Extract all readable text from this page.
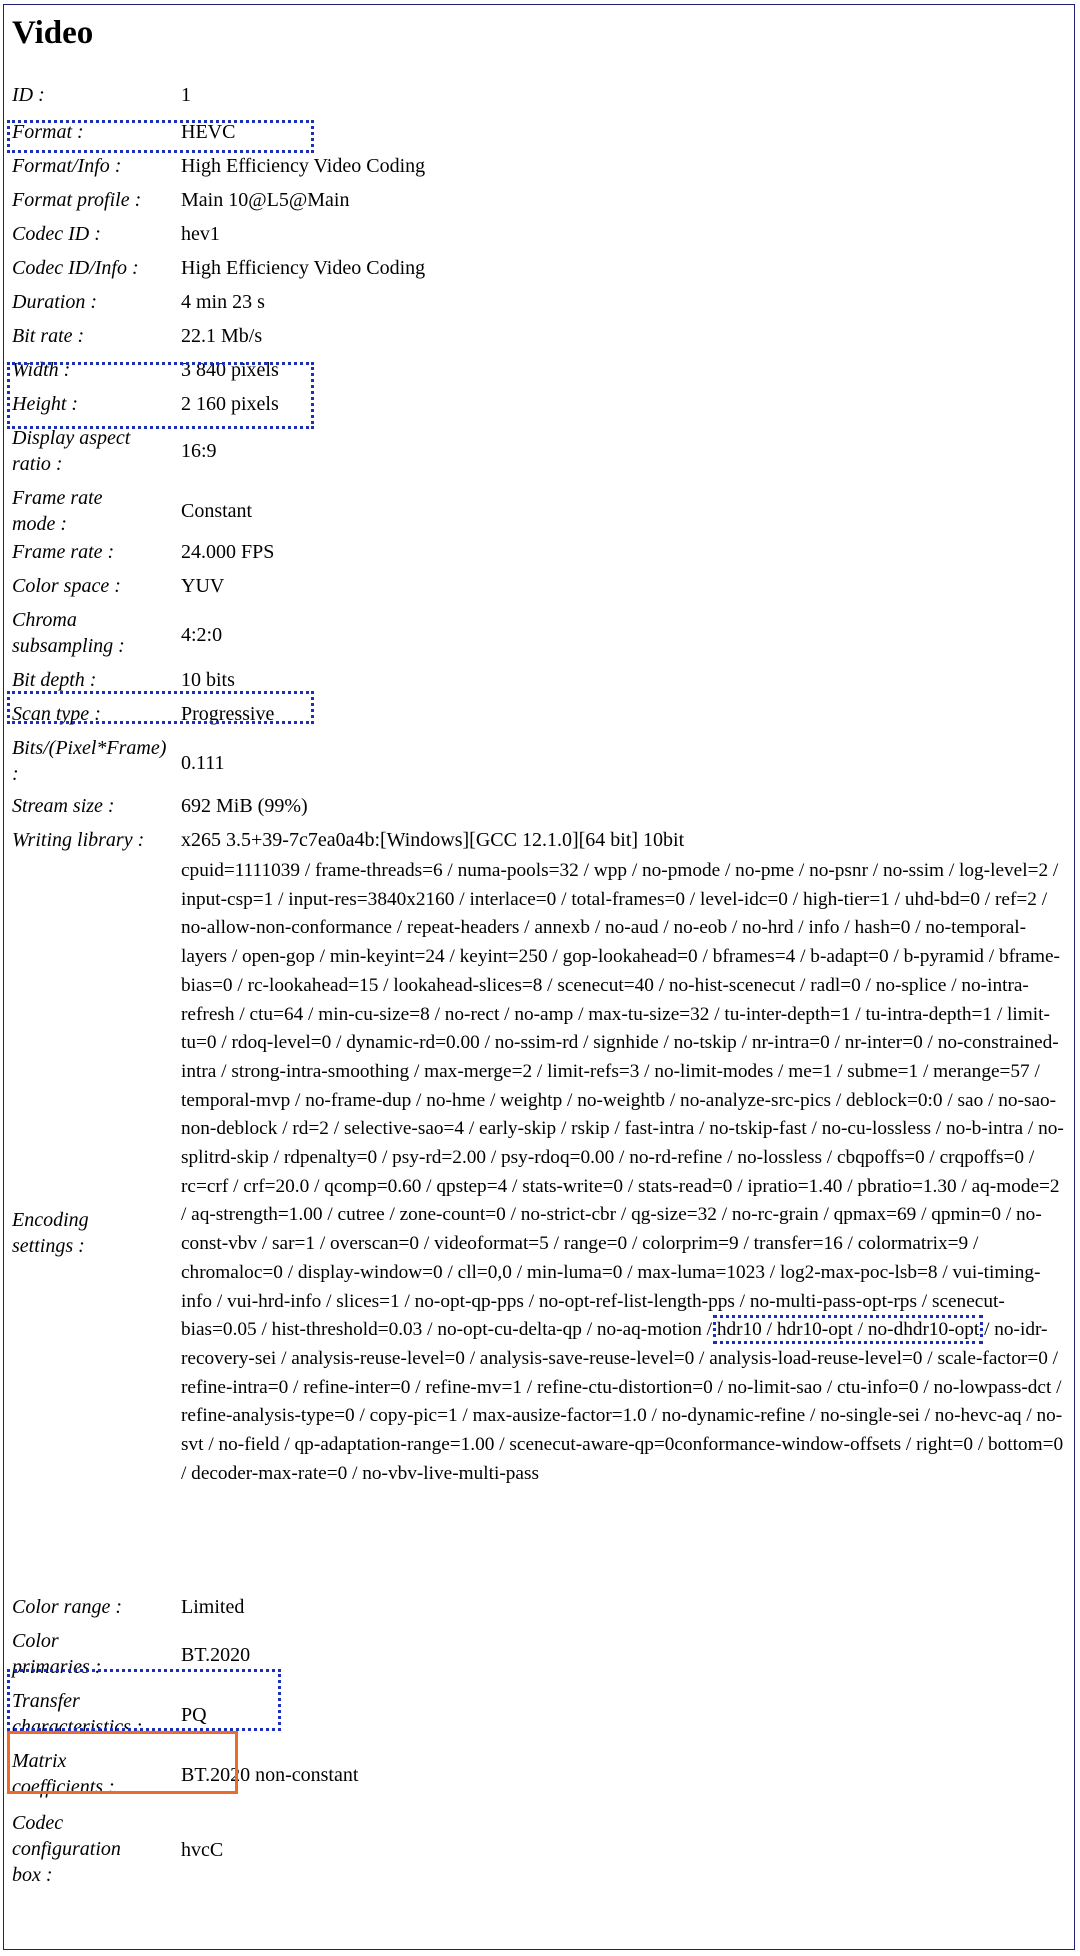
Video
ID :	1
Format :	HEVC
Format/Info :	High Efficiency Video Coding
Format profile :	Main 10@L5@Main
Codec ID :	hev1
Codec ID/Info :	High Efficiency Video Coding
Duration :	4 min 23 s
Bit rate :	22.1 Mb/s
Width :	3 840 pixels
Height :	2 160 pixels
Display aspect ratio :
16:9
Frame rate mode :
Constant
Frame rate :	24.000 FPS
Color space :	YUV
Chroma subsampling :	4:2:0
Bit depth :	10 bits
Scan type :	Progressive
Bits/(Pixel*Frame) :	0.111
Stream size :	692 MiB (99%)
Writing library :	x265 3.5+39-7c7ea0a4b:[Windows][GCC 12.1.0][64 bit] 10bit
Encoding settings :
cpuid=1111039 / frame-threads=6 / numa-pools=32 / wpp / no-pmode / no-pme / no-psnr / no-ssim / log-level=2 / input-csp=1 / input-res=3840x2160 / interlace=0 / total-frames=0 / level-idc=0 / high-tier=1 / uhd-bd=0 / ref=2 / no-allow-non-conformance / repeat-headers / annexb / no-aud / no-eob / no-hrd / info / hash=0 / no-temporal-layers / open-gop / min-keyint=24 / keyint=250 / gop-lookahead=0 / bframes=4 / b-adapt=0 / b-pyramid / bframe-bias=0 / rc-lookahead=15 / lookahead-slices=8 / scenecut=40 / no-hist-scenecut / radl=0 / no-splice / no-intra-refresh / ctu=64 / min-cu-size=8 / no-rect / no-amp / max-tu-size=32 / tu-inter-depth=1 / tu-intra-depth=1 / limit-tu=0 / rdoq-level=0 / dynamic-rd=0.00 / no-ssim-rd / signhide / no-tskip / nr-intra=0 / nr-inter=0 / no-constrained-intra / strong-intra-smoothing / max-merge=2 / limit-refs=3 / no-limit-modes / me=1 / subme=1 / merange=57 / temporal-mvp / no-frame-dup / no-hme / weightp / no-weightb / no-analyze-src-pics / deblock=0:0 / sao / no-sao-non-deblock / rd=2 / selective-sao=4 / early-skip / rskip / fast-intra / no-tskip-fast / no-cu-lossless / no-b-intra / no-splitrd-skip / rdpenalty=0 / psy-rd=2.00 / psy-rdoq=0.00 / no-rd-refine / no-lossless / cbqpoffs=0 / crqpoffs=0 / rc=crf / crf=20.0 / qcomp=0.60 / qpstep=4 / stats-write=0 / stats-read=0 / ipratio=1.40 / pbratio=1.30 / aq-mode=2 / aq-strength=1.00 / cutree / zone-count=0 / no-strict-cbr / qg-size=32 / no-rc-grain / qpmax=69 / qpmin=0 / no-const-vbv / sar=1 / overscan=0 / videoformat=5 / range=0 / colorprim=9 / transfer=16 / colormatrix=9 / chromaloc=0 / display-window=0 / cll=0,0 / min-luma=0 / max-luma=1023 / log2-max-poc-lsb=8 / vui-timing-info / vui-hrd-info / slices=1 / no-opt-qp-pps / no-opt-ref-list-length-pps / no-multi-pass-opt-rps / scenecut-bias=0.05 / hist-threshold=0.03 / no-opt-cu-delta-qp / no-aq-motion / hdr10 / hdr10-opt / no-dhdr10-opt / no-idr-recovery-sei / analysis-reuse-level=0 / analysis-save-reuse-level=0 / analysis-load-reuse-level=0 / scale-factor=0 / refine-intra=0 / refine-inter=0 / refine-mv=1 / refine-ctu-distortion=0 / no-limit-sao / ctu-info=0 / no-lowpass-dct / refine-analysis-type=0 / copy-pic=1 / max-ausize-factor=1.0 / no-dynamic-refine / no-single-sei / no-hevc-aq / no-svt / no-field / qp-adaptation-range=1.00 / scenecut-aware-qp=0conformance-window-offsets / right=0 / bottom=0 / decoder-max-rate=0 / no-vbv-live-multi-pass
Color range :	Limited
Color primaries :
BT.2020
Transfer characteristics :
PQ
Matrix coefficients :
BT.2020 non-constant
Codec configuration box :
hvcC
